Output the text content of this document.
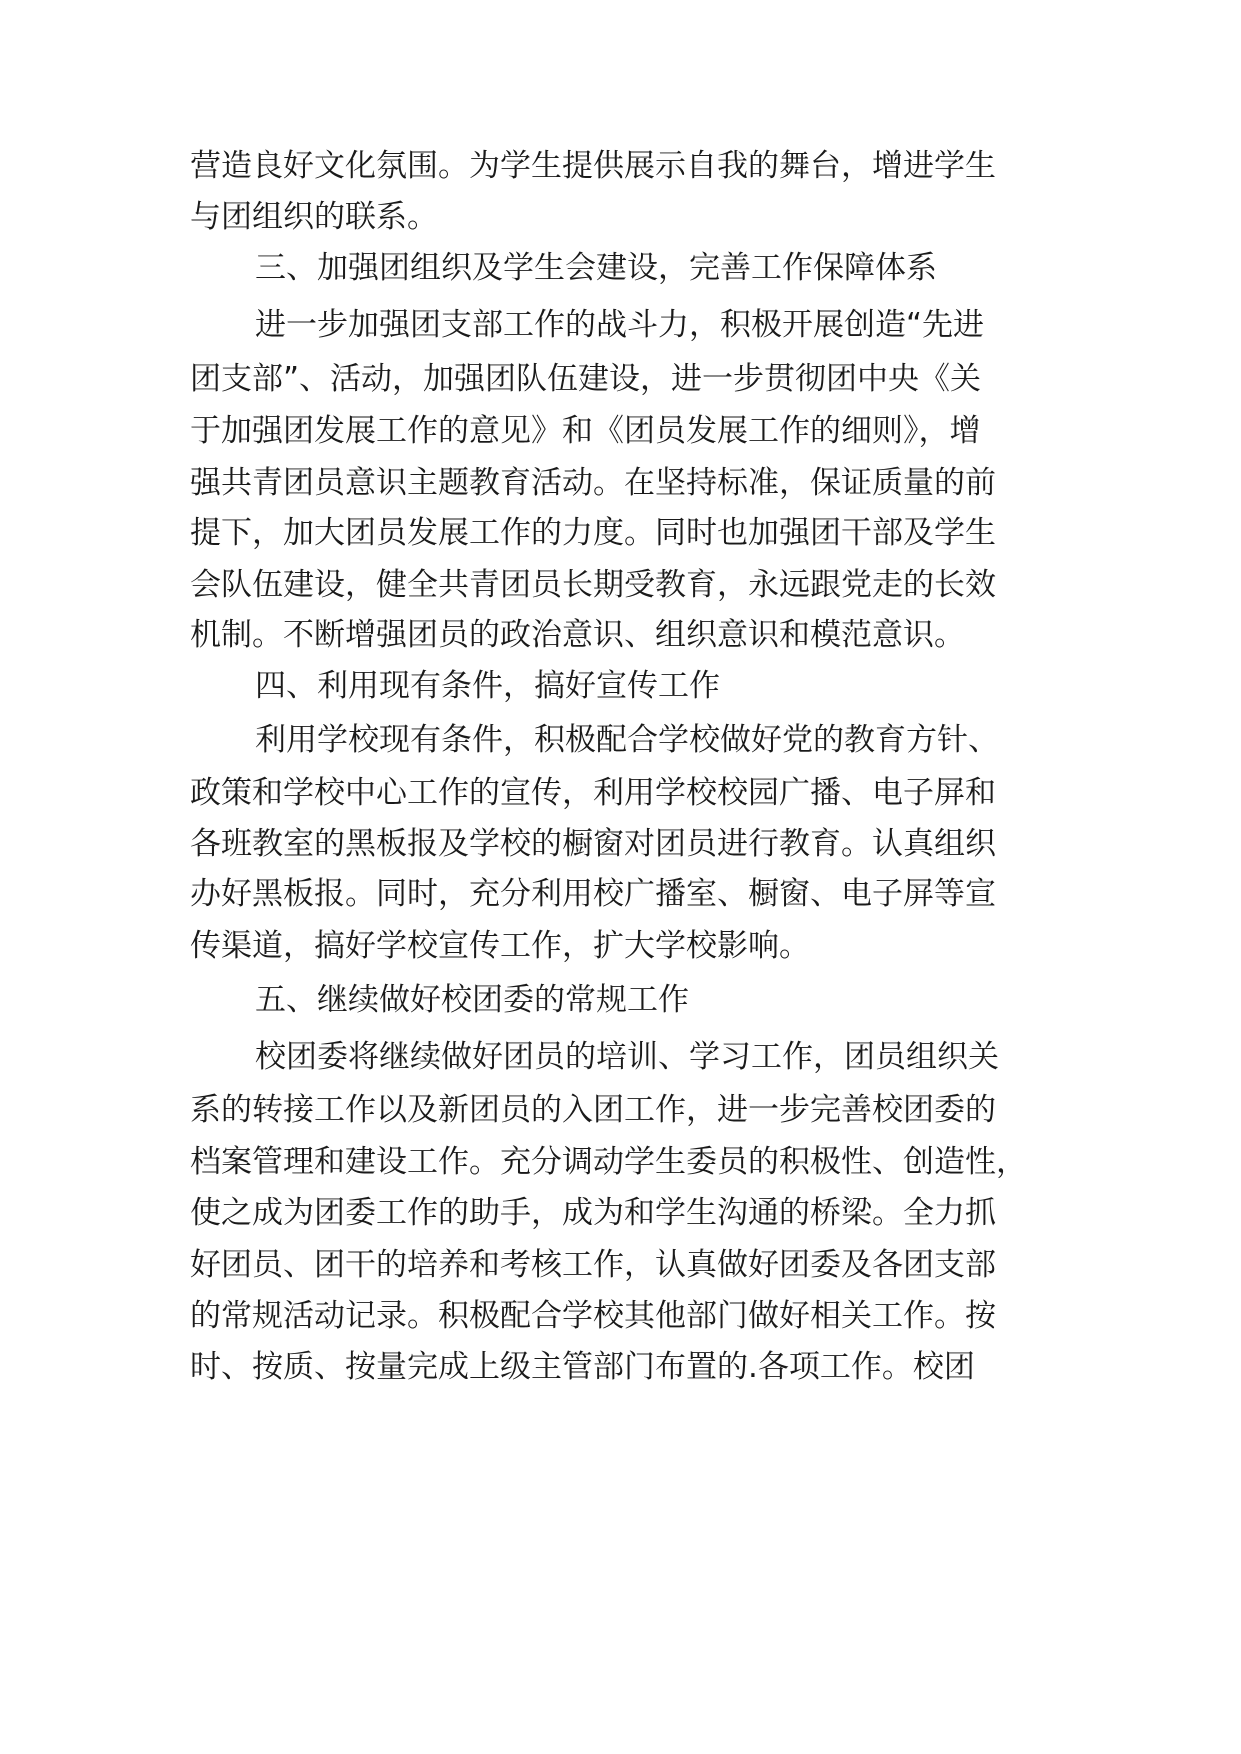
营造良好文化氛围。为学生提供展示自我的舞台，增进学生
与团组织的联系。
三、加强团组织及学生会建设，完善工作保障体系
进一步加强团支部工作的战斗力，积极开展创造“先进
团支部”、活动，加强团队伍建设，进一步贯彻团中央《关
于加强团发展工作的意见》和《团员发展工作的细则》，增
强共青团员意识主题教育活动。在坚持标准，保证质量的前
提下，加大团员发展工作的力度。同时也加强团干部及学生
会队伍建设，健全共青团员长期受教育，永远跟党走的长效
机制。不断增强团员的政治意识、组织意识和模范意识。
四、利用现有条件，搞好宣传工作
利用学校现有条件，积极配合学校做好党的教育方针、
政策和学校中心工作的宣传，利用学校校园广播、电子屏和
各班教室的黑板报及学校的橱窗对团员进行教育。认真组织
办好黑板报。同时，充分利用校广播室、橱窗、电子屏等宣
传渠道，搞好学校宣传工作，扩大学校影响。
五、继续做好校团委的常规工作
校团委将继续做好团员的培训、学习工作，团员组织关
系的转接工作以及新团员的入团工作，进一步完善校团委的
档案管理和建设工作。充分调动学生委员的积极性、创造性，
使之成为团委工作的助手，成为和学生沟通的桥梁。全力抓
好团员、团干的培养和考核工作，认真做好团委及各团支部
的常规活动记录。积极配合学校其他部门做好相关工作。按
时、按质、按量完成上级主管部门布置的.各项工作。校团
